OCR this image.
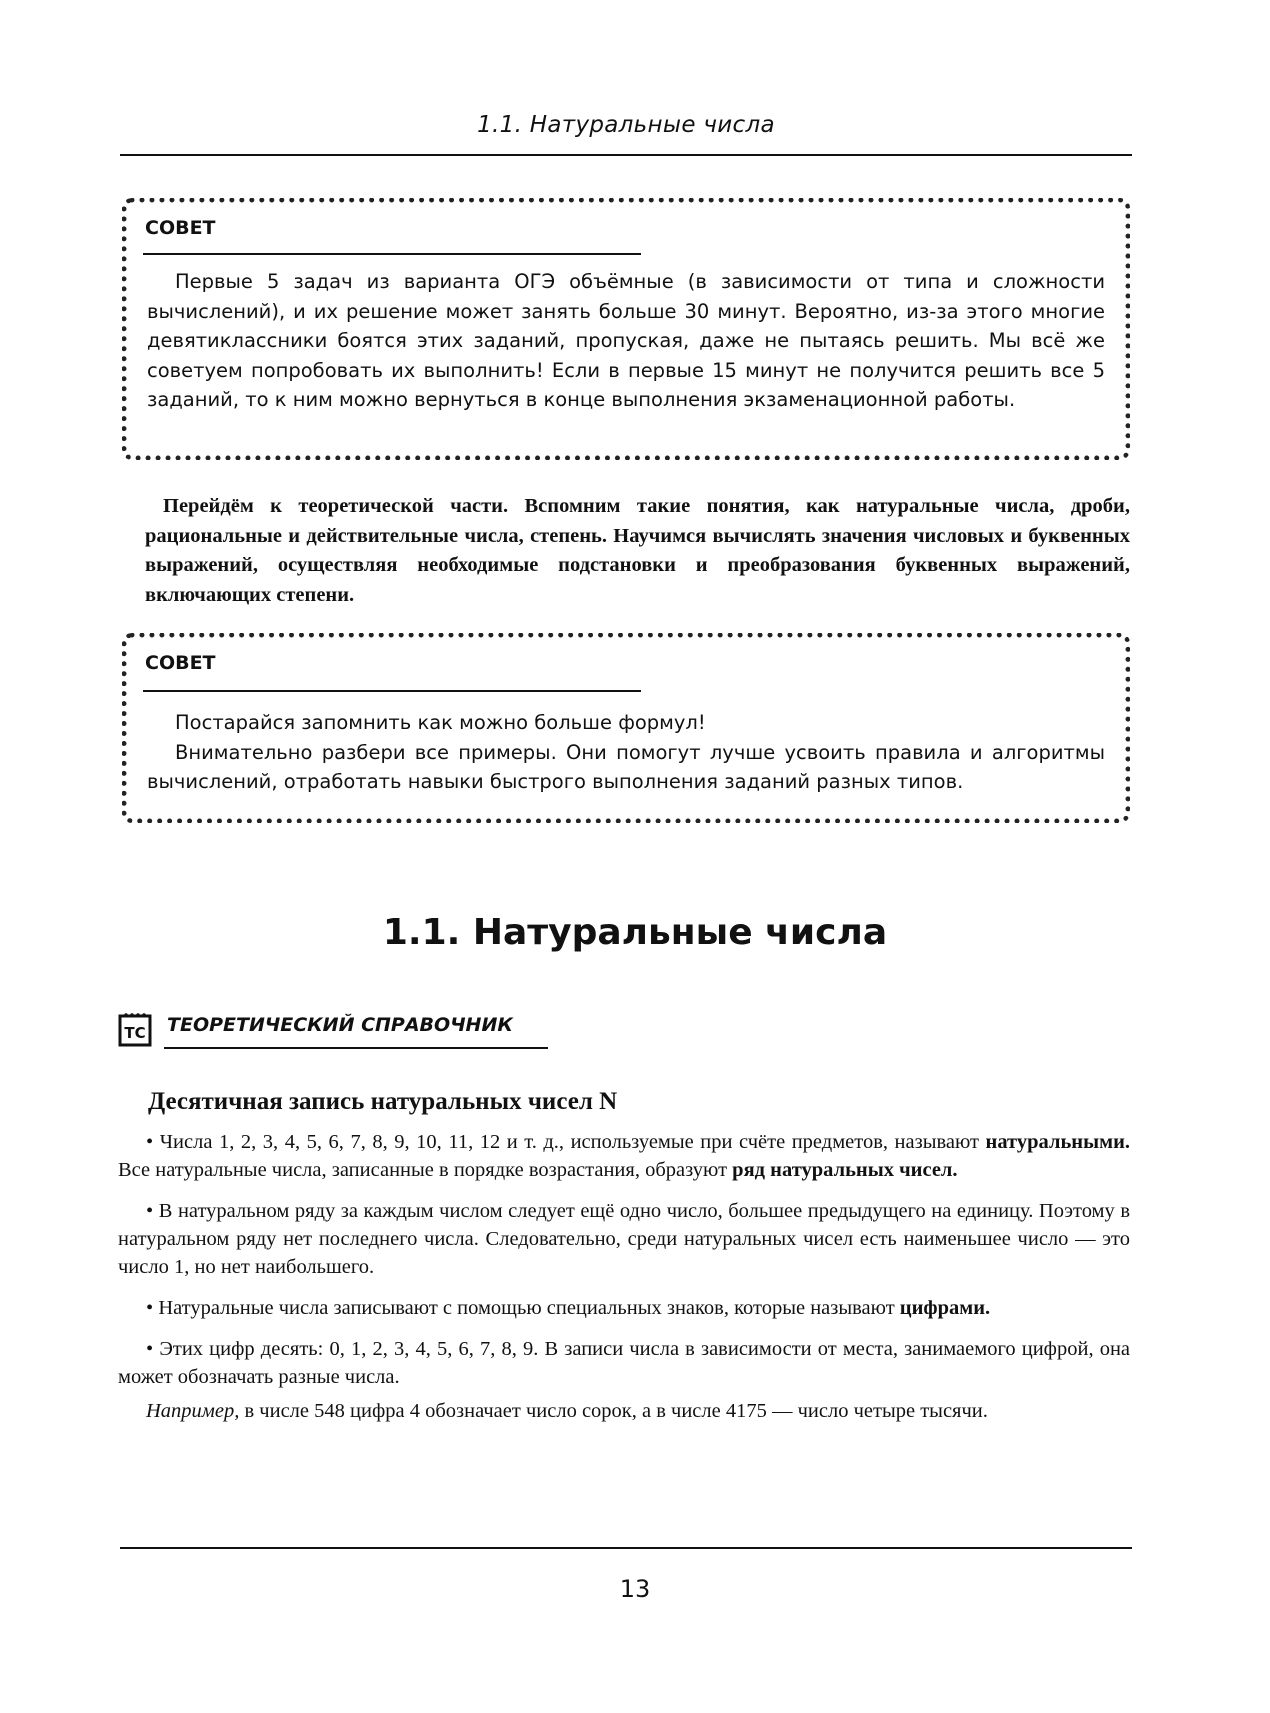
1.1. Натуральные числа
СОВЕТ

Первые 5 задач из варианта ОГЭ объёмные (в зависимости от типа и сложности вычислений), и их решение может занять больше 30 минут. Вероятно, из-за этого многие девятиклассники боятся этих заданий, пропуская, даже не пытаясь решить. Мы всё же советуем попробовать их выполнить! Если в первые 15 минут не получится решить все 5 заданий, то к ним можно вернуться в конце выполнения экзаменационной работы.

Перейдём к теоретической части. Вспомним такие понятия, как натуральные числа, дроби, рациональные и действительные числа, степень. Научимся вычислять значения числовых и буквенных выражений, осуществляя необходимые подстановки и преобразования буквенных выражений, включающих степени.

СОВЕТ

Постарайся запомнить как можно больше формул!

Внимательно разбери все примеры. Они помогут лучше усвоить правила и алгоритмы вычислений, отработать навыки быстрого выполнения заданий разных типов.

1.1. Натуральные числа
ТС ТЕОРЕТИЧЕСКИЙ СПРАВОЧНИК
Десятичная запись натуральных чисел N

• Числа 1, 2, 3, 4, 5, 6, 7, 8, 9, 10, 11, 12 и т. д., используемые при счёте предметов, называют натуральными. Все натуральные числа, записанные в порядке возрастания, образуют ряд натуральных чисел.

• В натуральном ряду за каждым числом следует ещё одно число, большее предыдущего на единицу. Поэтому в натуральном ряду нет последнего числа. Следовательно, среди натуральных чисел есть наименьшее число — это число 1, но нет наибольшего.

• Натуральные числа записывают с помощью специальных знаков, которые называют цифрами.

• Этих цифр десять: 0, 1, 2, 3, 4, 5, 6, 7, 8, 9. В записи числа в зависимости от места, занимаемого цифрой, она может обозначать разные числа.

Например, в числе 548 цифра 4 обозначает число сорок, а в числе 4175 — число четыре тысячи.

13
